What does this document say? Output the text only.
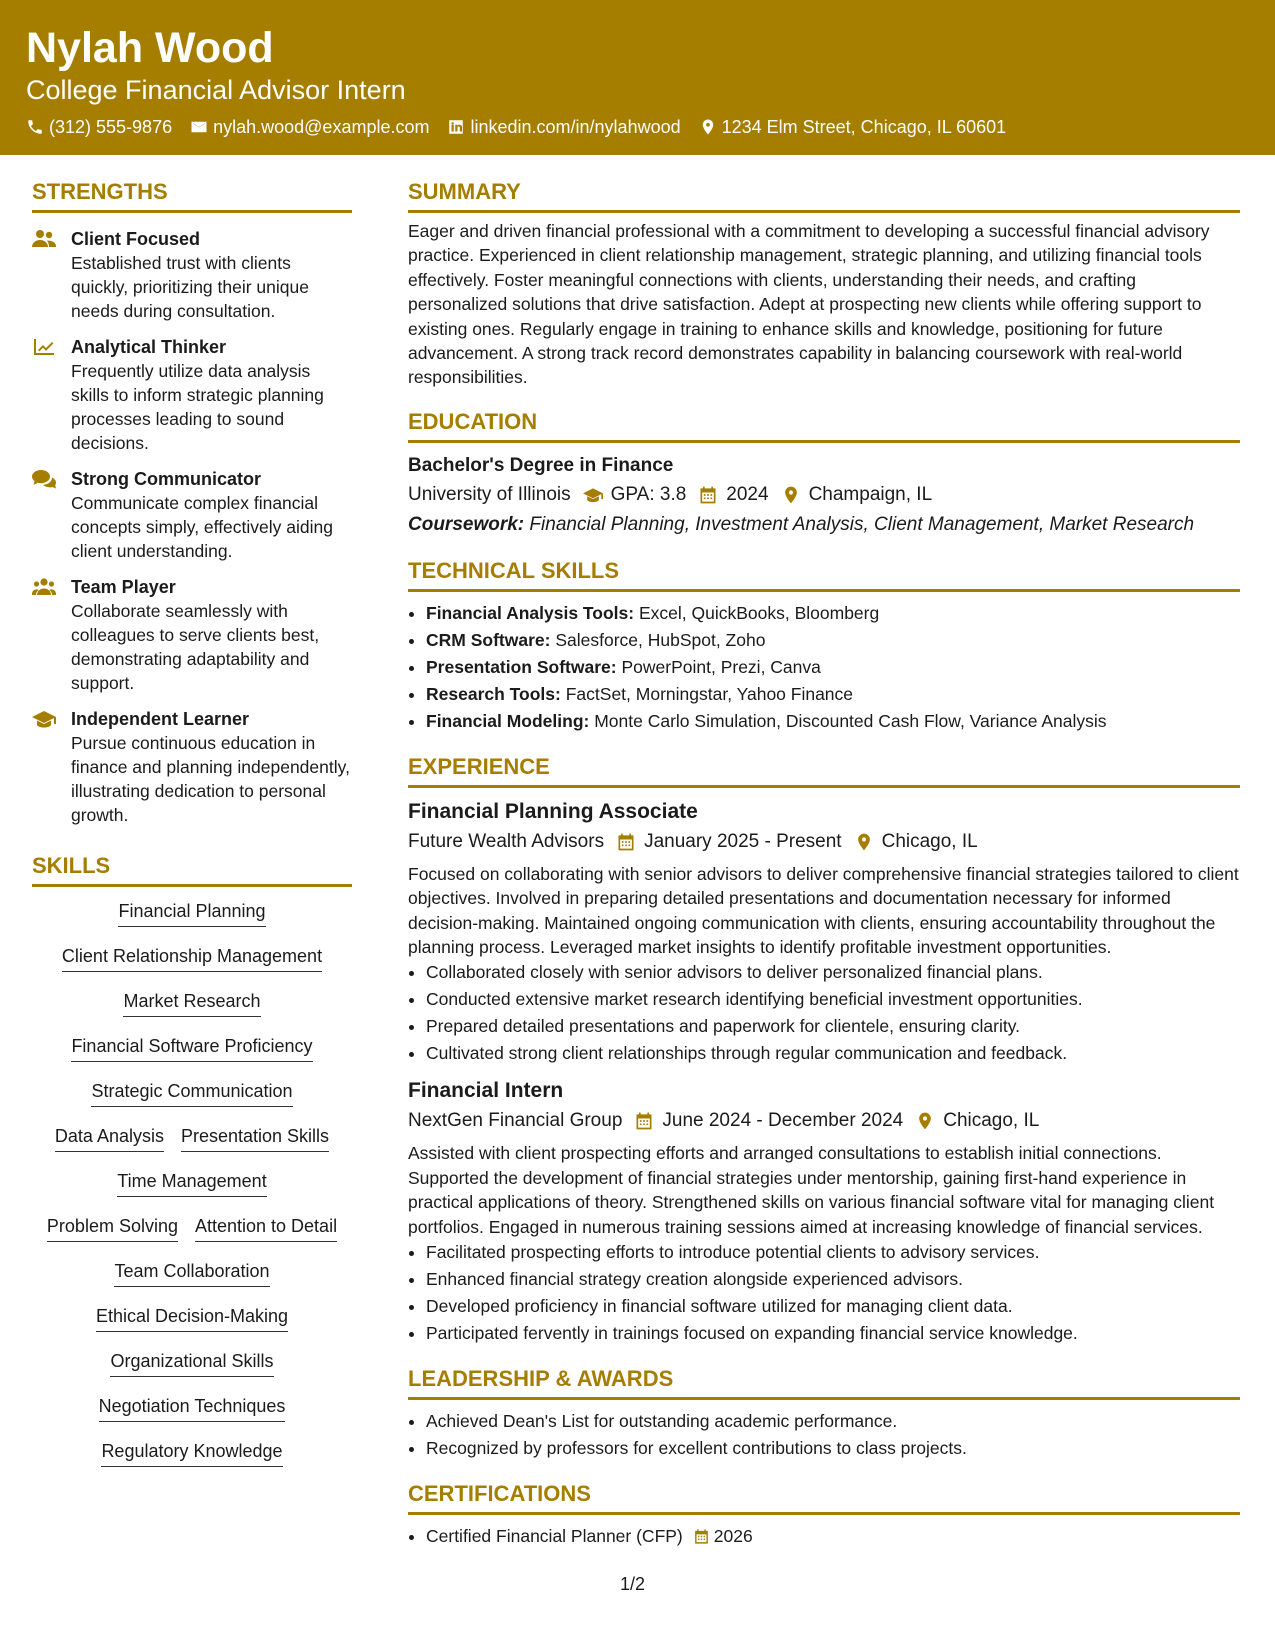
Nylah Wood
College Financial Advisor Intern
(312) 555-9876 nylah.wood@example.com linkedin.com/in/nylahwood 1234 Elm Street, Chicago, IL 60601
STRENGTHS
Client Focused
Established trust with clients quickly, prioritizing their unique needs during consultation.
Analytical Thinker
Frequently utilize data analysis skills to inform strategic planning processes leading to sound decisions.
Strong Communicator
Communicate complex financial concepts simply, effectively aiding client understanding.
Team Player
Collaborate seamlessly with colleagues to serve clients best, demonstrating adaptability and support.
Independent Learner
Pursue continuous education in finance and planning independently, illustrating dedication to personal growth.
SKILLS
Financial Planning
Client Relationship Management
Market Research
Financial Software Proficiency
Strategic Communication
Data Analysis Presentation Skills
Time Management
Problem Solving Attention to Detail
Team Collaboration
Ethical Decision-Making
Organizational Skills
Negotiation Techniques
Regulatory Knowledge
SUMMARY
Eager and driven financial professional with a commitment to developing a successful financial advisory practice. Experienced in client relationship management, strategic planning, and utilizing financial tools effectively. Foster meaningful connections with clients, understanding their needs, and crafting personalized solutions that drive satisfaction. Adept at prospecting new clients while offering support to existing ones. Regularly engage in training to enhance skills and knowledge, positioning for future advancement. A strong track record demonstrates capability in balancing coursework with real-world responsibilities.
EDUCATION
Bachelor's Degree in Finance
University of Illinois GPA: 3.8 2024 Champaign, IL
Coursework: Financial Planning, Investment Analysis, Client Management, Market Research
TECHNICAL SKILLS
• Financial Analysis Tools: Excel, QuickBooks, Bloomberg
• CRM Software: Salesforce, HubSpot, Zoho
• Presentation Software: PowerPoint, Prezi, Canva
• Research Tools: FactSet, Morningstar, Yahoo Finance
• Financial Modeling: Monte Carlo Simulation, Discounted Cash Flow, Variance Analysis
EXPERIENCE
Financial Planning Associate
Future Wealth Advisors January 2025 - Present Chicago, IL
Focused on collaborating with senior advisors to deliver comprehensive financial strategies tailored to client objectives. Involved in preparing detailed presentations and documentation necessary for informed decision-making. Maintained ongoing communication with clients, ensuring accountability throughout the planning process. Leveraged market insights to identify profitable investment opportunities.
• Collaborated closely with senior advisors to deliver personalized financial plans.
• Conducted extensive market research identifying beneficial investment opportunities.
• Prepared detailed presentations and paperwork for clientele, ensuring clarity.
• Cultivated strong client relationships through regular communication and feedback.
Financial Intern
NextGen Financial Group June 2024 - December 2024 Chicago, IL
Assisted with client prospecting efforts and arranged consultations to establish initial connections. Supported the development of financial strategies under mentorship, gaining first-hand experience in practical applications of theory. Strengthened skills on various financial software vital for managing client portfolios. Engaged in numerous training sessions aimed at increasing knowledge of financial services.
• Facilitated prospecting efforts to introduce potential clients to advisory services.
• Enhanced financial strategy creation alongside experienced advisors.
• Developed proficiency in financial software utilized for managing client data.
• Participated fervently in trainings focused on expanding financial service knowledge.
LEADERSHIP & AWARDS
• Achieved Dean's List for outstanding academic performance.
• Recognized by professors for excellent contributions to class projects.
CERTIFICATIONS
• Certified Financial Planner (CFP) 2026
1/2
